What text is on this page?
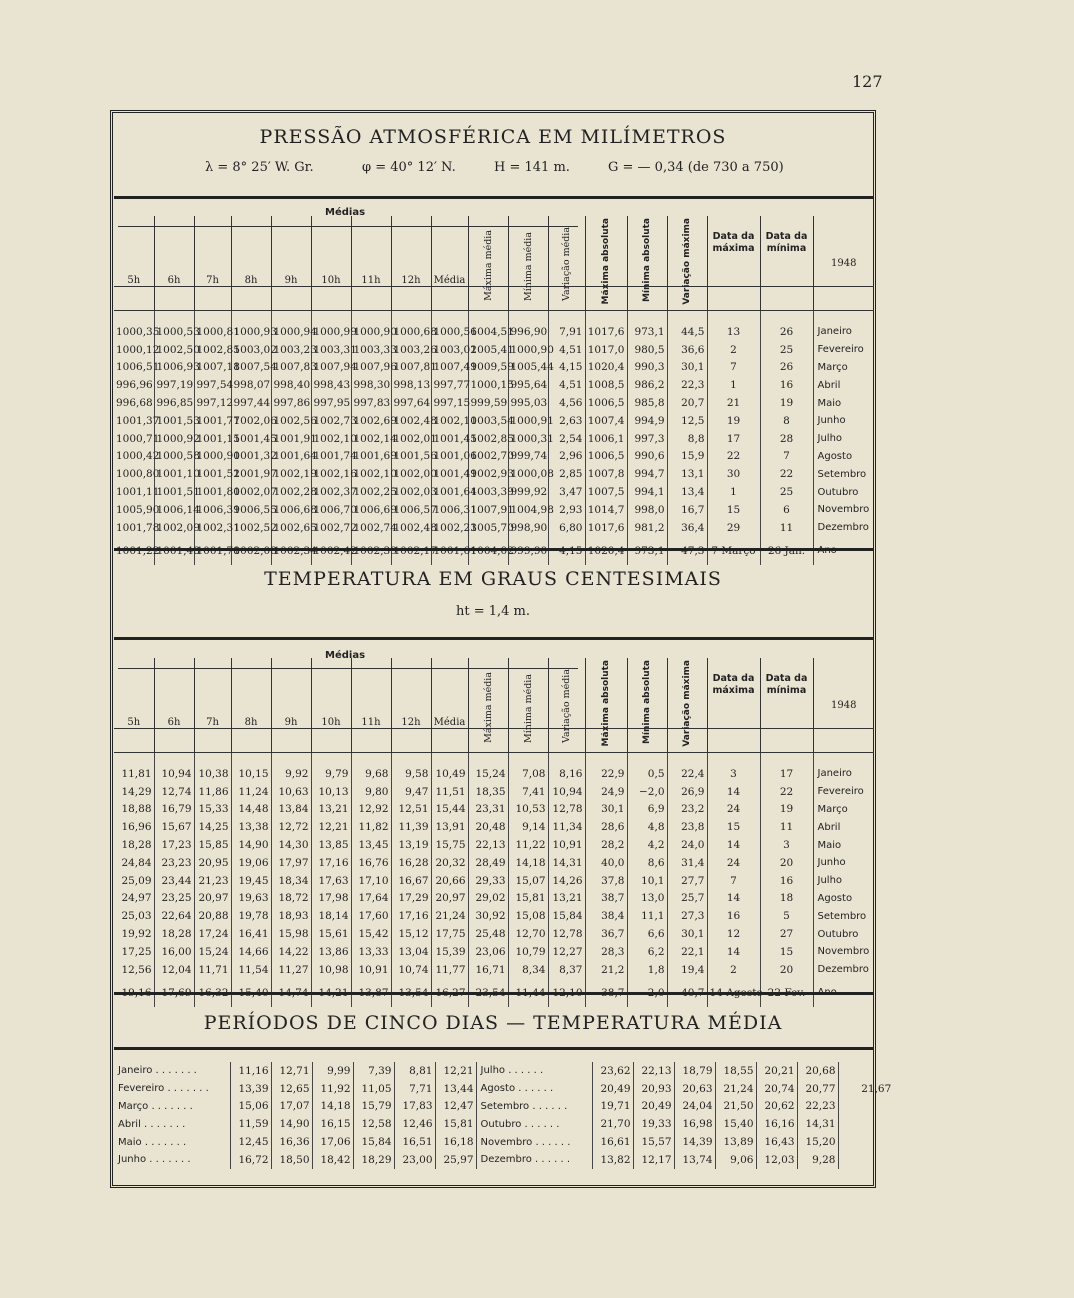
127
PRESSÃO ATMOSFÉRICA EM MILÍMETROS
λ = 8° 25′ W. Gr.	φ = 40° 12′ N.	H = 141 m.	G = — 0,34 (de 730 a 750)
Médias
5h	6h	7h	8h	9h	10h	11h	12h	Média	Máxima média	Mínima média	Variação média	Máxima absoluta	Mínima absoluta	Variação máxima	Data da máxima	Data da mínima	1948

1000,35	1000,53	1000,81	1000,93	1000,94	1000,99	1000,90	1000,68	1000,56	1004,51	996,90	7,91	1017,6	973,1	44,5	13	26	Janeiro
1000,12	1002,50	1002,85	1003,02	1003,23	1003,31	1003,33	1003,26	1003,02	1005,41	1000,90	4,51	1017,0	980,5	36,6	2	25	Fevereiro
1006,51	1006,93	1007,18	1007,54	1007,83	1007,94	1007,96	1007,81	1007,49	1009,59	1005,44	4,15	1020,4	990,3	30,1	7	26	Março
996,96	997,19	997,54	998,07	998,40	998,43	998,30	998,13	997,77	1000,15	995,64	4,51	1008,5	986,2	22,3	1	16	Abril
996,68	996,85	997,12	997,44	997,86	997,95	997,83	997,64	997,15	999,59	995,03	4,56	1006,5	985,8	20,7	21	19	Maio
1001,37	1001,53	1001,77	1002,06	1002,56	1002,73	1002,69	1002,48	1002,10	1003,54	1000,91	2,63	1007,4	994,9	12,5	19	8	Junho
1000,71	1000,92	1001,15	1001,45	1001,91	1002,10	1002,14	1002,01	1001,45	1002,85	1000,31	2,54	1006,1	997,3	8,8	17	28	Julho
1000,42	1000,58	1000,90	1001,32	1001,64	1001,74	1001,69	1001,56	1001,06	1002,70	999,74	2,96	1006,5	990,6	15,9	22	7	Agosto
1000,80	1001,10	1001,52	1001,97	1002,19	1002,16	1002,10	1002,00	1001,49	1002,93	1000,08	2,85	1007,8	994,7	13,1	30	22	Setembro
1001,11	1001,51	1001,80	1002,07	1002,28	1002,37	1002,25	1002,03	1001,64	1003,39	999,92	3,47	1007,5	994,1	13,4	1	25	Outubro
1005,90	1006,14	1006,39	1006,55	1006,68	1006,70	1006,69	1006,57	1006,31	1007,91	1004,98	2,93	1014,7	998,0	16,7	15	6	Novembro
1001,78	1002,09	1002,31	1002,52	1002,65	1002,72	1002,74	1002,48	1002,23	1005,70	998,90	6,80	1017,6	981,2	36,4	29	11	Dezembro
1001,22	1001,48	1001,78	1002,08	1002,34	1002,42	1002,39	1002,17	1001,61	1004,02	999,90	4,15	1020,4	973,1	47,3	7 Março	26 Jan.	Ano
TEMPERATURA EM GRAUS CENTESIMAIS
ht = 1,4 m.
Médias
5h	6h	7h	8h	9h	10h	11h	12h	Média	Máxima média	Mínima média	Variação média	Máxima absoluta	Mínima absoluta	Variação máxima	Data da máxima	Data da mínima	1948

11,81	10,94	10,38	10,15	9,92	9,79	9,68	9,58	10,49	15,24	7,08	8,16	22,9	0,5	22,4	3	17	Janeiro
14,29	12,74	11,86	11,24	10,63	10,13	9,80	9,47	11,51	18,35	7,41	10,94	24,9	−2,0	26,9	14	22	Fevereiro
18,88	16,79	15,33	14,48	13,84	13,21	12,92	12,51	15,44	23,31	10,53	12,78	30,1	6,9	23,2	24	19	Março
16,96	15,67	14,25	13,38	12,72	12,21	11,82	11,39	13,91	20,48	9,14	11,34	28,6	4,8	23,8	15	11	Abril
18,28	17,23	15,85	14,90	14,30	13,85	13,45	13,19	15,75	22,13	11,22	10,91	28,2	4,2	24,0	14	3	Maio
24,84	23,23	20,95	19,06	17,97	17,16	16,76	16,28	20,32	28,49	14,18	14,31	40,0	8,6	31,4	24	20	Junho
25,09	23,44	21,23	19,45	18,34	17,63	17,10	16,67	20,66	29,33	15,07	14,26	37,8	10,1	27,7	7	16	Julho
24,97	23,25	20,97	19,63	18,72	17,98	17,64	17,29	20,97	29,02	15,81	13,21	38,7	13,0	25,7	14	18	Agosto
25,03	22,64	20,88	19,78	18,93	18,14	17,60	17,16	21,24	30,92	15,08	15,84	38,4	11,1	27,3	16	5	Setembro
19,92	18,28	17,24	16,41	15,98	15,61	15,42	15,12	17,75	25,48	12,70	12,78	36,7	6,6	30,1	12	27	Outubro
17,25	16,00	15,24	14,66	14,22	13,86	13,33	13,04	15,39	23,06	10,79	12,27	28,3	6,2	22,1	14	15	Novembro
12,56	12,04	11,71	11,54	11,27	10,98	10,91	10,74	11,77	16,71	8,34	8,37	21,2	1,8	19,4	2	20	Dezembro
19,16	17,69	16,32	15,40	14,74	14,21	13,87	13,54	16,27	23,54	11,44	12,10	38,7	−2,0	40,7	14 Agosto	22 Fev.	Ano
PERÍODOS DE CINCO DIAS — TEMPERATURA MÉDIA
Janeiro . . . . . . .	11,16	12,71	9,99	7,39	8,81	12,21	Julho . . . . . .	23,62	22,13	18,79	18,55	20,21	20,68	
Fevereiro . . . . . . .	13,39	12,65	11,92	11,05	7,71	13,44	Agosto . . . . . .	20,49	20,93	20,63	21,24	20,74	20,77	21,67
Março . . . . . . .	15,06	17,07	14,18	15,79	17,83	12,47	Setembro . . . . . .	19,71	20,49	24,04	21,50	20,62	22,23	
Abril . . . . . . .	11,59	14,90	16,15	12,58	12,46	15,81	Outubro . . . . . .	21,70	19,33	16,98	15,40	16,16	14,31	
Maio . . . . . . .	12,45	16,36	17,06	15,84	16,51	16,18	Novembro . . . . . .	16,61	15,57	14,39	13,89	16,43	15,20	
Junho . . . . . . .	16,72	18,50	18,42	18,29	23,00	25,97	Dezembro . . . . . .	13,82	12,17	13,74	9,06	12,03	9,28	
